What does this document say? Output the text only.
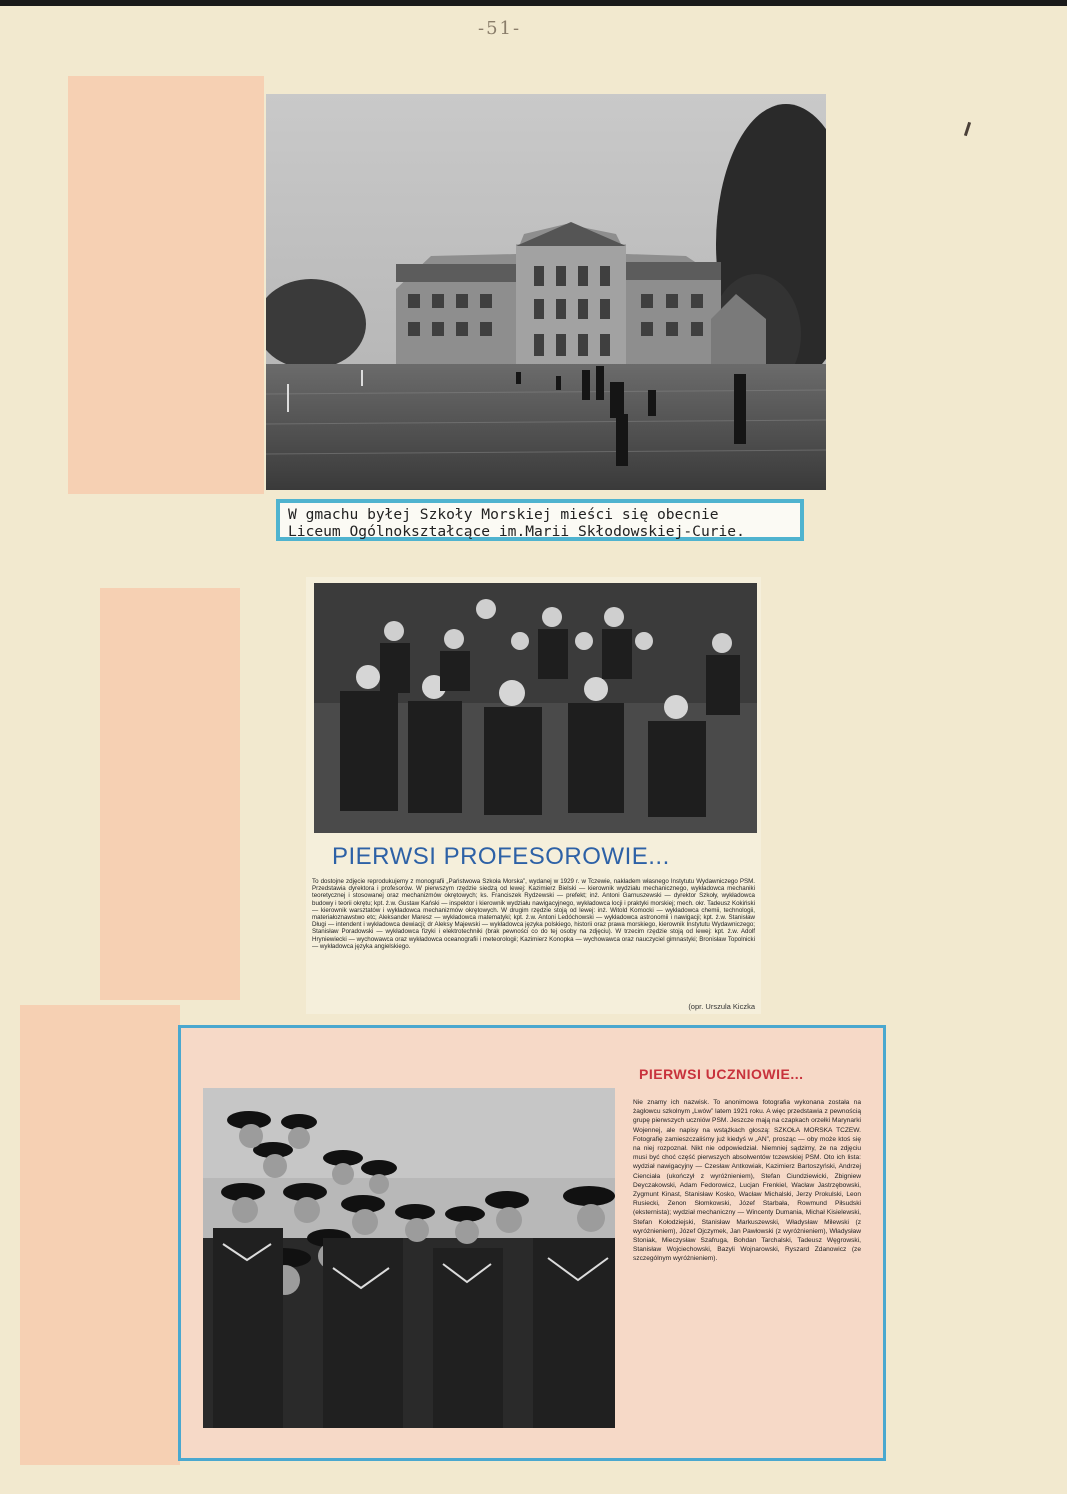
-51-
W gmachu byłej Szkoły Morskiej mieści się obecnie
Liceum Ogólnokształcące im.Marii Skłodowskiej-Curie.
PIERWSI PROFESOROWIE...
To dostojne zdjęcie reprodukujemy z monografii „Państwowa Szkoła Morska”, wydanej w 1929 r. w Tczewie, nakładem własnego Instytutu Wydawniczego PSM. Przedstawia dyrektora i profesorów. W pierwszym rzędzie siedzą od lewej: Kazimierz Bielski — kierownik wydziału mechanicznego, wykładowca mechaniki teoretycznej i stosowanej oraz mechanizmów okrętowych; ks. Franciszek Rydzewski — prefekt; inż. Antoni Garnuszewski — dyrektor Szkoły, wykładowca budowy i teorii okrętu; kpt. ż.w. Gustaw Kański — inspektor i kierownik wydziału nawigacyjnego, wykładowca locji i praktyki morskiej; mech. okr. Tadeusz Kokiński — kierownik warsztatów i wykładowca mechanizmów okrętowych. W drugim rzędzie stoją od lewej: inż. Witold Komocki — wykładowca chemii, technologii, materiałoznawstwo etc; Aleksander Maresz — wykładowca matematyki; kpt. ż.w. Antoni Ledóchowski — wykładowca astronomii i nawigacji; kpt. ż.w. Stanisław Długi — intendent i wykładowca dewiacji; dr Aleksy Majewski — wykładowca języka polskiego, historii oraz prawa morskiego, kierownik Instytutu Wydawniczego; Stanisław Poradowski — wykładowca fizyki i elektrotechniki (brak pewności co do tej osoby na zdjęciu). W trzecim rzędzie stoją od lewej: kpt. ż.w. Adolf Hryniewiecki — wychowawca oraz wykładowca oceanografii i meteorologii; Kazimierz Konopka — wychowawca oraz nauczyciel gimnastyki; Bronisław Topolnicki — wykładowca języka angielskiego.
(opr. Urszula Kiczka
PIERWSI UCZNIOWIE...
Nie znamy ich nazwisk. To anonimowa fotografia wykonana została na żaglowcu szkolnym „Lwów” latem 1921 roku. A więc przedstawia z pewnością grupę pierwszych uczniów PSM. Jeszcze mają na czapkach orzełki Marynarki Wojennej, ale napisy na wstążkach głoszą: SZKOŁA MORSKA TCZEW. Fotografię zamieszczaliśmy już kiedyś w „AN”, prosząc — oby może ktoś się na niej rozpoznał. Nikt nie odpowiedział. Niemniej sądzimy, że na zdjęciu musi być choć część pierwszych absolwentów tczewskiej PSM. Oto ich lista: wydział nawigacyjny — Czesław Antkowiak, Kazimierz Bartoszyński, Andrzej Cienciała (ukończył z wyróżnieniem), Stefan Ciundziewicki, Zbigniew Deyczakowski, Adam Fedorowicz, Lucjan Frenkiel, Wacław Jastrzębowski, Zygmunt Kinast, Stanisław Kosko, Wacław Michalski, Jerzy Prokulski, Leon Rusiecki, Zenon Słomkowski, Józef Starbała, Rowmund Piłsudski (eksternista); wydział mechaniczny — Wincenty Dumania, Michał Kisielewski, Stefan Kołodziejski, Stanisław Markuszewski, Władysław Milewski (z wyróżnieniem), Józef Ojczymek, Jan Pawłowski (z wyróżnieniem), Władysław Stoniak, Mieczysław Szafruga, Bohdan Tarchalski, Tadeusz Węgrowski, Stanisław Wojciechowski, Bazyli Wojnarowski, Ryszard Zdanowicz (ze szczególnym wyróżnieniem).
